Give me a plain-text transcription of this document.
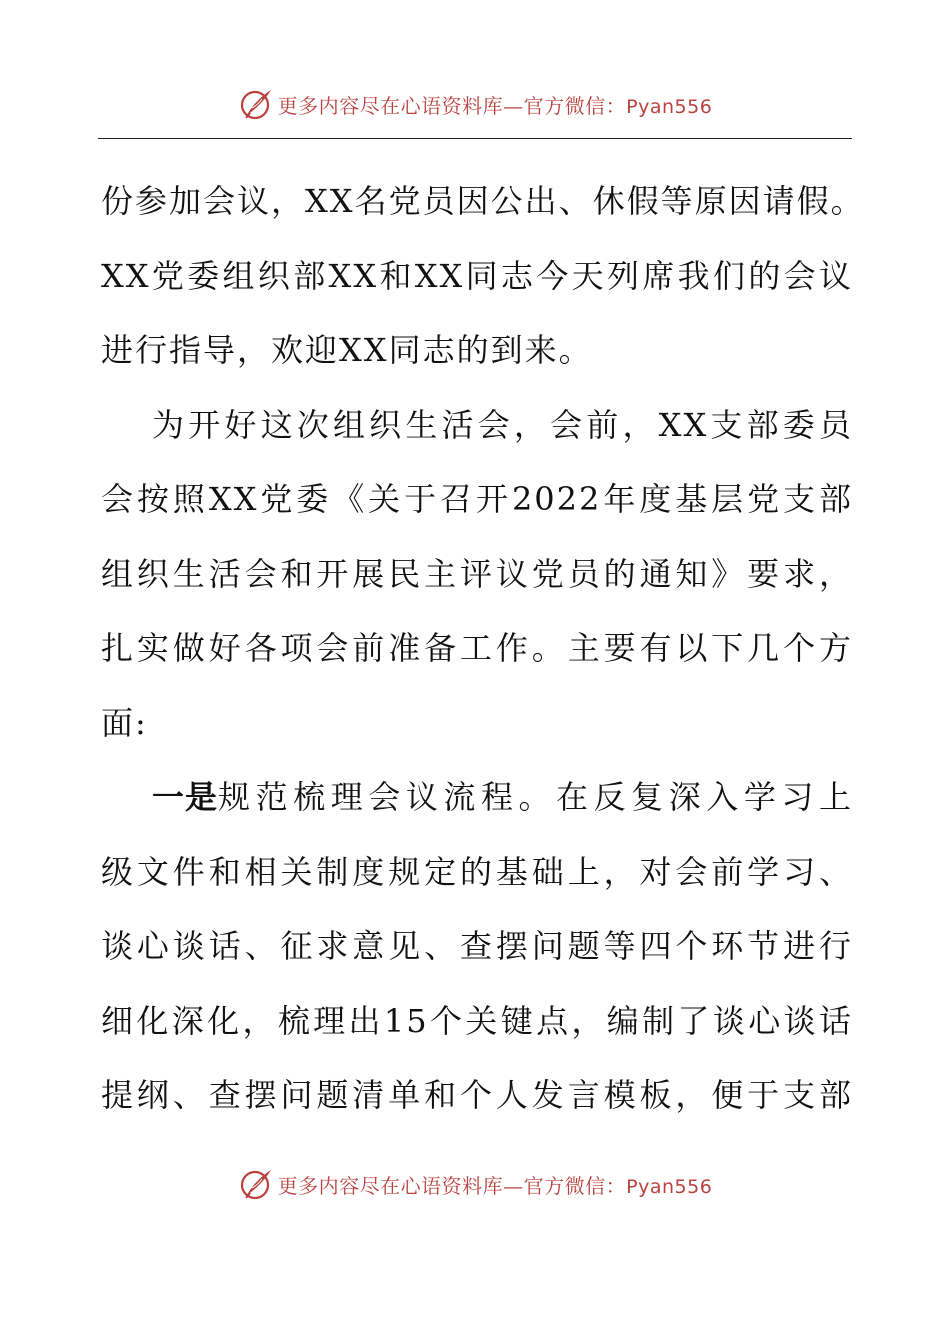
更多内容尽在心语资料库—官方微信：Pyan556
份参加会议，XX名党员因公出、休假等原因请假。
XX党委组织部XX和XX同志今天列席我们的会议
进行指导，欢迎XX同志的到来。
为开好这次组织生活会，会前，XX支部委员
会按照XX党委《关于召开2022年度基层党支部
组织生活会和开展民主评议党员的通知》要求，
扎实做好各项会前准备工作。主要有以下几个方
面:
一是 规范梳理会议流程。在反复深入学习上
级文件和相关制度规定的基础上，对会前学习、
谈心谈话、征求意见、查摆问题等四个环节进行
细化深化，梳理出15个关键点，编制了谈心谈话
提纲、查摆问题清单和个人发言模板，便于支部
更多内容尽在心语资料库—官方微信：Pyan556
